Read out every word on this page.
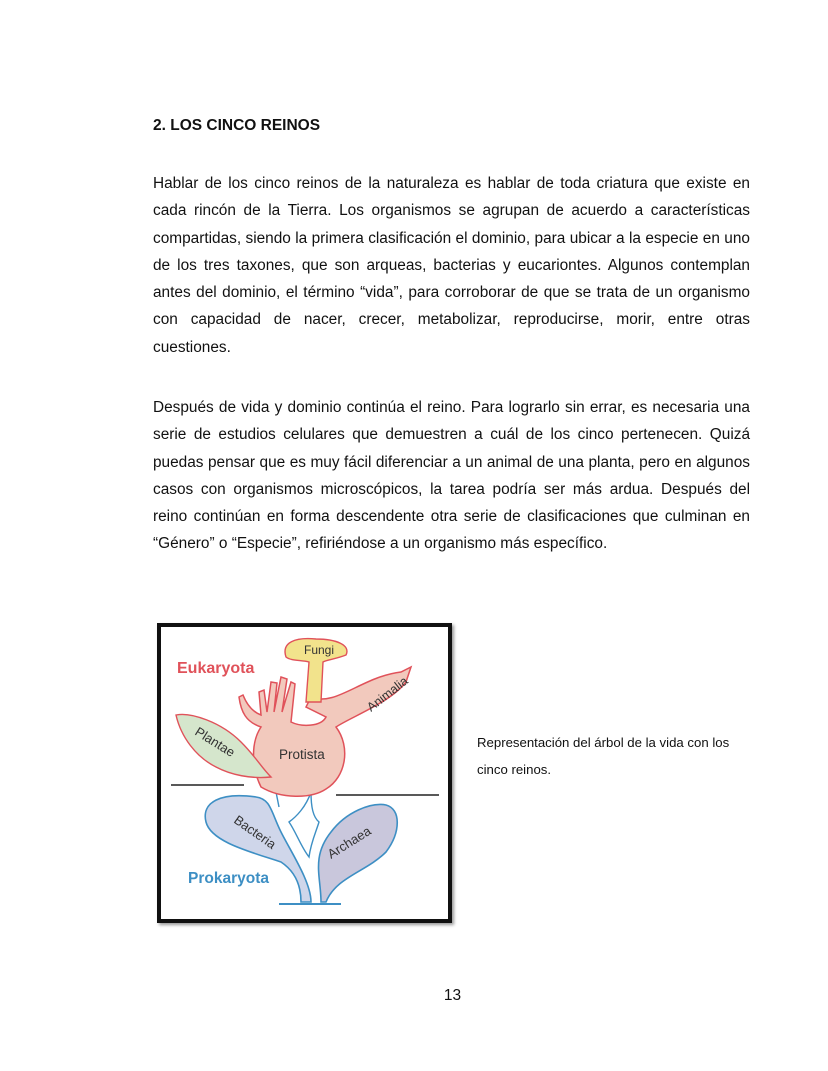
2. LOS CINCO REINOS

Hablar de los cinco reinos de la naturaleza es hablar de toda criatura que existe en cada rincón de la Tierra. Los organismos se agrupan de acuerdo a características compartidas, siendo la primera clasificación el dominio, para ubicar a la especie en uno de los tres taxones, que son arqueas, bacterias y eucariontes. Algunos contemplan antes del dominio, el término “vida”, para corroborar de que se trata de un organismo con capacidad de nacer, crecer, metabolizar, reproducirse, morir, entre otras cuestiones.

Después de vida y dominio continúa el reino. Para lograrlo sin errar, es necesaria una serie de estudios celulares que demuestren a cuál de los cinco pertenecen. Quizá puedas pensar que es muy fácil diferenciar a un animal de una planta, pero en algunos casos con organismos microscópicos, la tarea podría ser más ardua. Después del reino continúan en forma descendente otra serie de clasificaciones que culminan en “Género” o “Especie”, refiriéndose a un organismo más específico.

Eukaryota
Fungi
Animalia
Plantae	Protista
Bacteria	Archaea
Prokaryota
Representación del árbol de la vida con los cinco reinos.
13
